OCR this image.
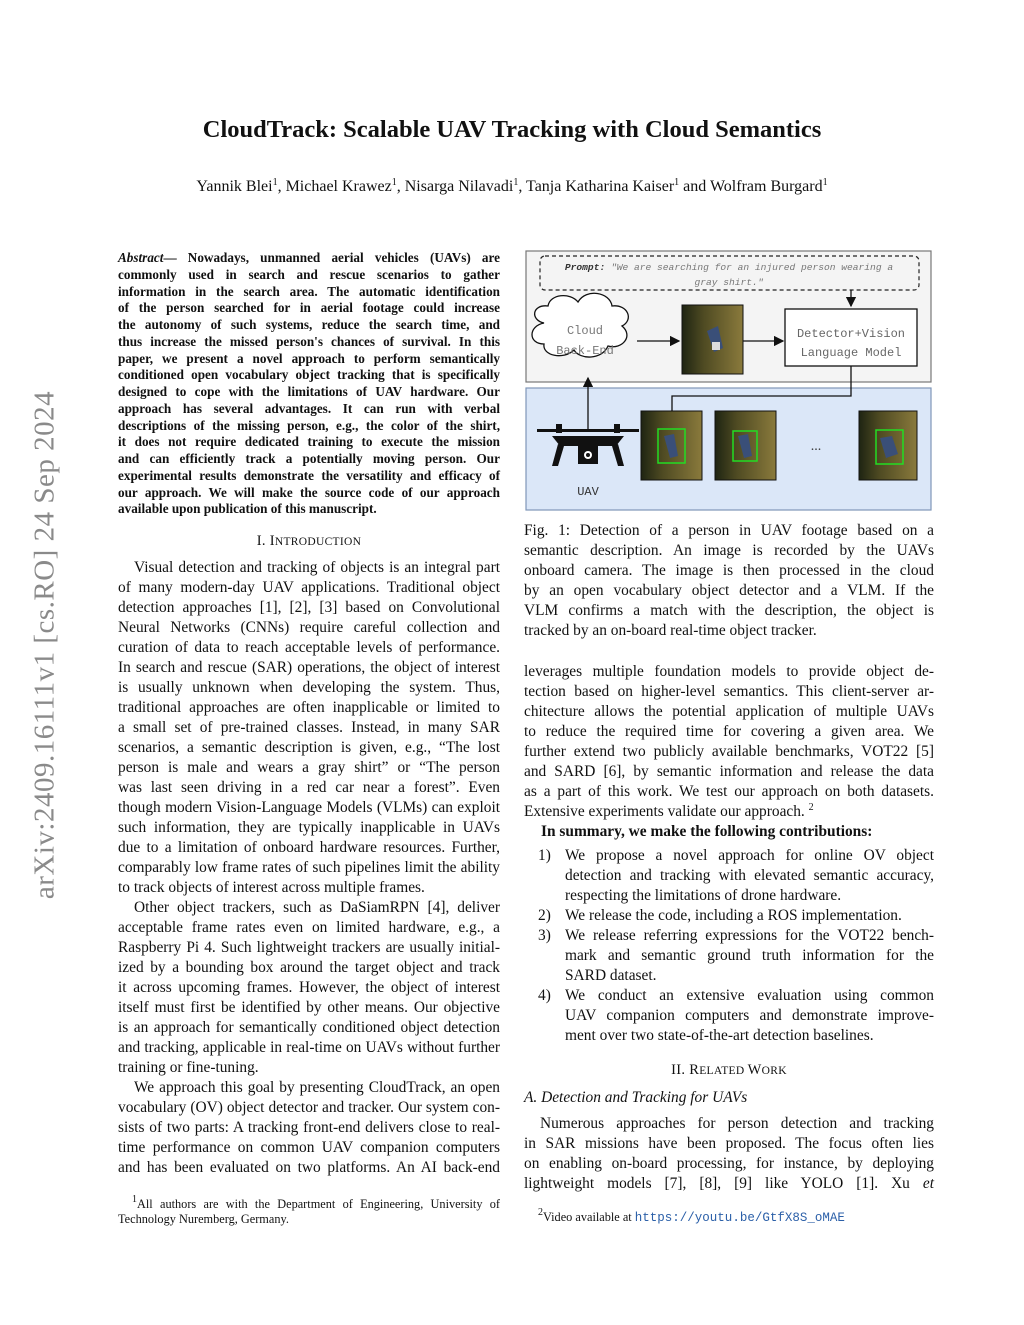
arXiv:2409.16111v1 [cs.RO] 24 Sep 2024
CloudTrack: Scalable UAV Tracking with Cloud Semantics
Yannik Blei$^1$, Michael Krawez$^1$, Nisarga Nilavadi$^1$, Tanja Katharina Kaiser$^1$ and Wolfram Burgard$^1$
Abstract— Nowadays, unmanned aerial vehicles (UAVs) are
commonly used in search and rescue scenarios to gather
information in the search area. The automatic identification
of the person searched for in aerial footage could increase
the autonomy of such systems, reduce the search time, and
thus increase the missed person's chances of survival. In this
paper, we present a novel approach to perform semantically
conditioned open vocabulary object tracking that is specifically
designed to cope with the limitations of UAV hardware. Our
approach has several advantages. It can run with verbal
descriptions of the missing person, e.g., the color of the shirt,
it does not require dedicated training to execute the mission
and can efficiently track a potentially moving person. Our
experimental results demonstrate the versatility and efficacy of
our approach. We will make the source code of our approach
available upon publication of this manuscript.
I. INTRODUCTION
Visual detection and tracking of objects is an integral part
of many modern-day UAV applications. Traditional object
detection approaches [1], [2], [3] based on Convolutional
Neural Networks (CNNs) require careful collection and
curation of data to reach acceptable levels of performance.
In search and rescue (SAR) operations, the object of interest
is usually unknown when developing the system. Thus,
traditional approaches are often inapplicable or limited to
a small set of pre-trained classes. Instead, in many SAR
scenarios, a semantic description is given, e.g., “The lost
person is male and wears a gray shirt” or “The person
was last seen driving in a red car near a forest”. Even
though modern Vision-Language Models (VLMs) can exploit
such information, they are typically inapplicable in UAVs
due to a limitation of onboard hardware resources. Further,
comparably low frame rates of such pipelines limit the ability
to track objects of interest across multiple frames.
Other object trackers, such as DaSiamRPN [4], deliver
acceptable frame rates even on limited hardware, e.g., a
Raspberry Pi 4. Such lightweight trackers are usually initial-
ized by a bounding box around the target object and track
it across upcoming frames. However, the object of interest
itself must first be identified by other means. Our objective
is an approach for semantically conditioned object detection
and tracking, applicable in real-time on UAVs without further
training or fine-tuning.
We approach this goal by presenting CloudTrack, an open
vocabulary (OV) object detector and tracker. Our system con-
sists of two parts: A tracking front-end delivers close to real-
time performance on common UAV companion computers
and has been evaluated on two platforms. An AI back-end
$^1$All authors are with the Department of Engineering, University of
Technology Nuremberg, Germany.
Prompt: "We are searching for an injured person wearing a
gray shirt."
Cloud
Back-End
Detector+Vision
Language Model
UAV
...
Fig. 1: Detection of a person in UAV footage based on a
semantic description. An image is recorded by the UAVs
onboard camera. The image is then processed in the cloud
by an open vocabulary object detector and a VLM. If the
VLM confirms a match with the description, the object is
tracked by an on-board real-time object tracker.
leverages multiple foundation models to provide object de-
tection based on higher-level semantics. This client-server ar-
chitecture allows the potential application of multiple UAVs
to reduce the required time for covering a given area. We
further extend two publicly available benchmarks, VOT22 [5]
and SARD [6], by semantic information and release the data
as a part of this work. We test our approach on both datasets.
Extensive experiments validate our approach. $^2$
In summary, we make the following contributions:
1) We propose a novel approach for online OV object
detection and tracking with elevated semantic accuracy,
respecting the limitations of drone hardware.
2) We release the code, including a ROS implementation.
3) We release referring expressions for the VOT22 bench-
mark and semantic ground truth information for the
SARD dataset.
4) We conduct an extensive evaluation using common
UAV companion computers and demonstrate improve-
ment over two state-of-the-art detection baselines.
II. RELATED WORK
A. Detection and Tracking for UAVs
Numerous approaches for person detection and tracking
in SAR missions have been proposed. The focus often lies
on enabling on-board processing, for instance, by deploying
lightweight models [7], [8], [9] like YOLO [1]. Xu et
$^2$Video available at https://youtu.be/GtfX8S_oMAE
